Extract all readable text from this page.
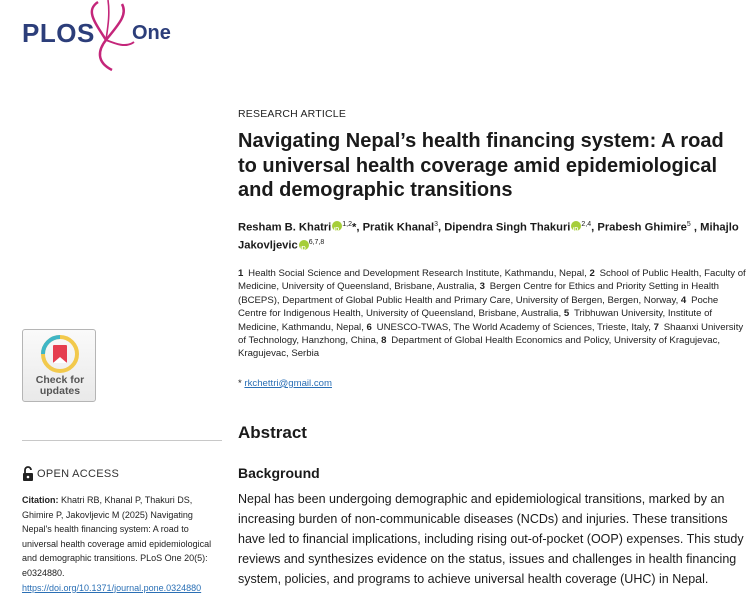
PLOS One
Check for
updates
OPEN ACCESS
Citation: Khatri RB, Khanal P, Thakuri DS, Ghimire P, Jakovljevic M (2025) Navigating Nepal's health financing system: A road to universal health coverage amid epidemiological and demographic transitions. PLoS One 20(5): e0324880. https://doi.org/10.1371/journal.pone.0324880
RESEARCH ARTICLE
Navigating Nepal’s health financing system: A road to universal health coverage amid epidemiological and demographic transitions
Resham B. Khatri iD $^{1,2}$*, Pratik Khanal$^3$, Dipendra Singh Thakuri iD $^{2,4}$, Prabesh Ghimire$^5$ , Mihajlo Jakovljevic iD $^{6,7,8}$
1  Health Social Science and Development Research Institute, Kathmandu, Nepal, 2  School of Public Health, Faculty of Medicine, University of Queensland, Brisbane, Australia, 3  Bergen Centre for Ethics and Priority Setting in Health (BCEPS), Department of Global Public Health and Primary Care, University of Bergen, Bergen, Norway, 4  Poche Centre for Indigenous Health, University of Queensland, Brisbane, Australia, 5  Tribhuwan University, Institute of Medicine, Kathmandu, Nepal, 6  UNESCO-TWAS, The World Academy of Sciences, Trieste, Italy, 7  Shaanxi University of Technology, Hanzhong, China, 8  Department of Global Health Economics and Policy, University of Kragujevac, Kragujevac, Serbia
* rkchettri@gmail.com
Abstract
Background

Nepal has been undergoing demographic and epidemiological transitions, marked by an increasing burden of non-communicable diseases (NCDs) and injuries. These transitions have led to financial implications, including rising out-of-pocket (OOP) expenses. This study reviews and synthesizes evidence on the status, issues and challenges in health financing system, policies, and programs to achieve universal health coverage (UHC) in Nepal.
